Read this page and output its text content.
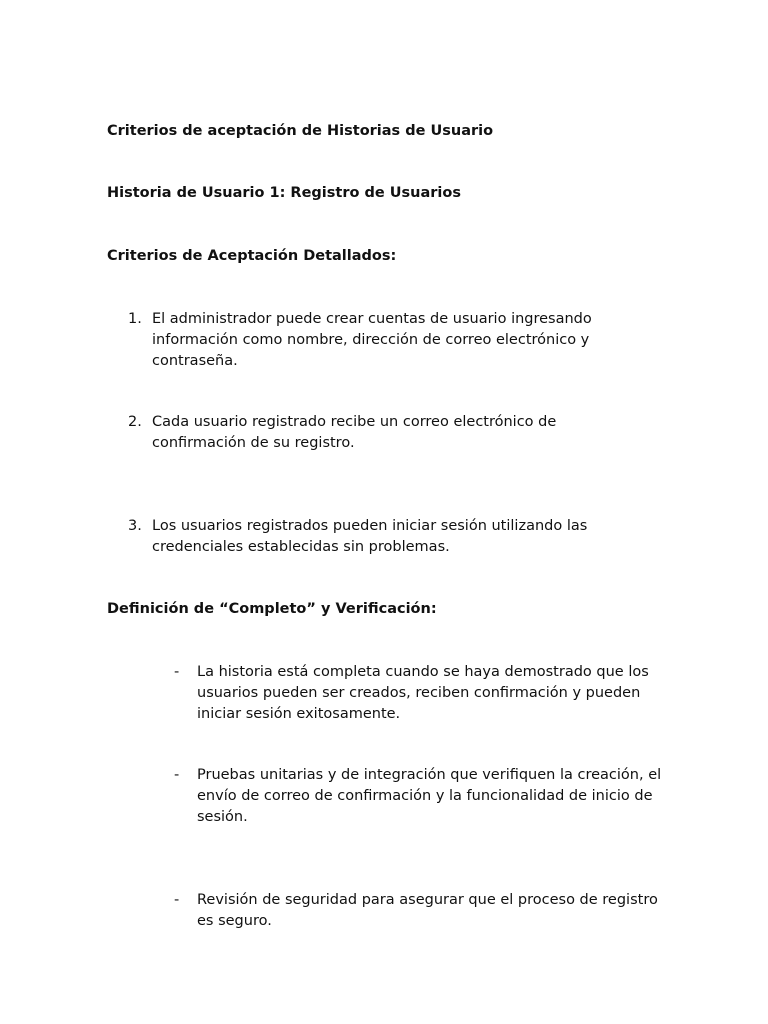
Criterios de aceptación de Historias de Usuario

Historia de Usuario 1: Registro de Usuarios

Criterios de Aceptación Detallados:

1. El administrador puede crear cuentas de usuario ingresando información como nombre, dirección de correo electrónico y contraseña.
2. Cada usuario registrado recibe un correo electrónico de confirmación de su registro.
3. Los usuarios registrados pueden iniciar sesión utilizando las credenciales establecidas sin problemas.

Definición de “Completo” y Verificación:

- La historia está completa cuando se haya demostrado que los usuarios pueden ser creados, reciben confirmación y pueden iniciar sesión exitosamente.
- Pruebas unitarias y de integración que verifiquen la creación, el envío de correo de confirmación y la funcionalidad de inicio de sesión.
- Revisión de seguridad para asegurar que el proceso de registro es seguro.
